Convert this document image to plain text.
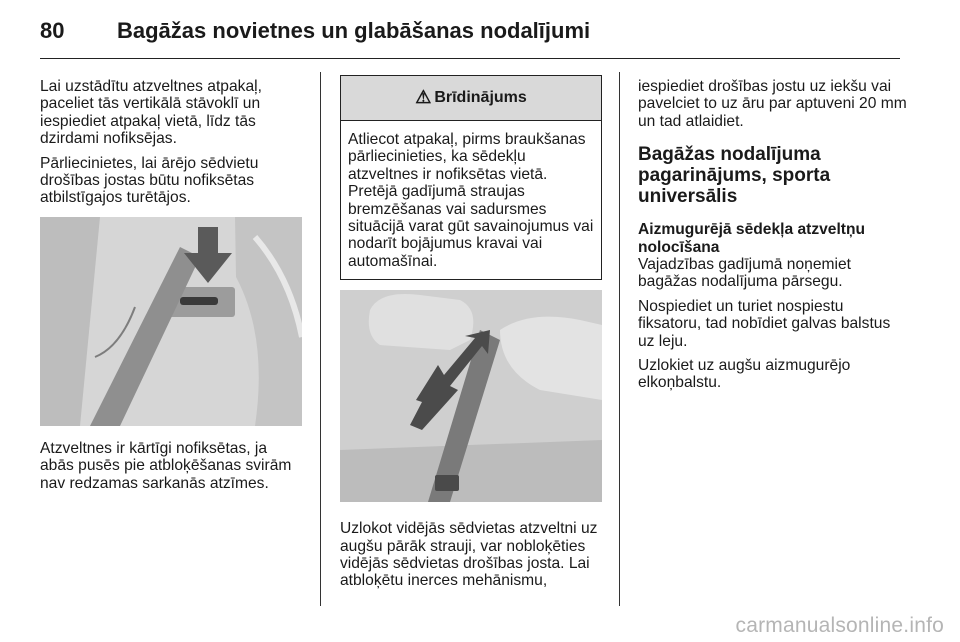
80 Bagāžas novietnes un glabāšanas nodalījumi

Lai uzstādītu atzveltnes atpakaļ, paceliet tās vertikālā stāvoklī un iespiediet atpakaļ vietā, līdz tās dzirdami nofiksējas.

Pārliecinietes, lai ārējo sēdvietu drošības jostas būtu nofiksētas atbilstīgajos turētājos.

Atzveltnes ir kārtīgi nofiksētas, ja abās pusēs pie atbloķēšanas svirām nav redzamas sarkanās atzīmes.

⚠ Brīdinājums

Atliecot atpakaļ, pirms braukšanas pārliecinieties, ka sēdekļu atzveltnes ir nofiksētas vietā.

Pretējā gadījumā straujas bremzēšanas vai sadursmes situācijā varat gūt savainojumus vai nodarīt bojājumus kravai vai automašīnai.

Uzlokot vidējās sēdvietas atzveltni uz augšu pārāk strauji, var nobloķēties vidējās sēdvietas drošības josta. Lai atbloķētu inerces mehānismu,

iespiediet drošības jostu uz iekšu vai pavelciet to uz āru par aptuveni 20 mm un tad atlaidiet.

Bagāžas nodalījuma pagarinājums, sporta universālis
Aizmugurējā sēdekļa atzveltņu nolocīšana

Vajadzības gadījumā noņemiet bagāžas nodalījuma pārsegu.

Nospiediet un turiet nospiestu fiksatoru, tad nobīdiet galvas balstus uz leju.

Uzlokiet uz augšu aizmugurējo elkoņbalstu.

carmanualsonline.info
